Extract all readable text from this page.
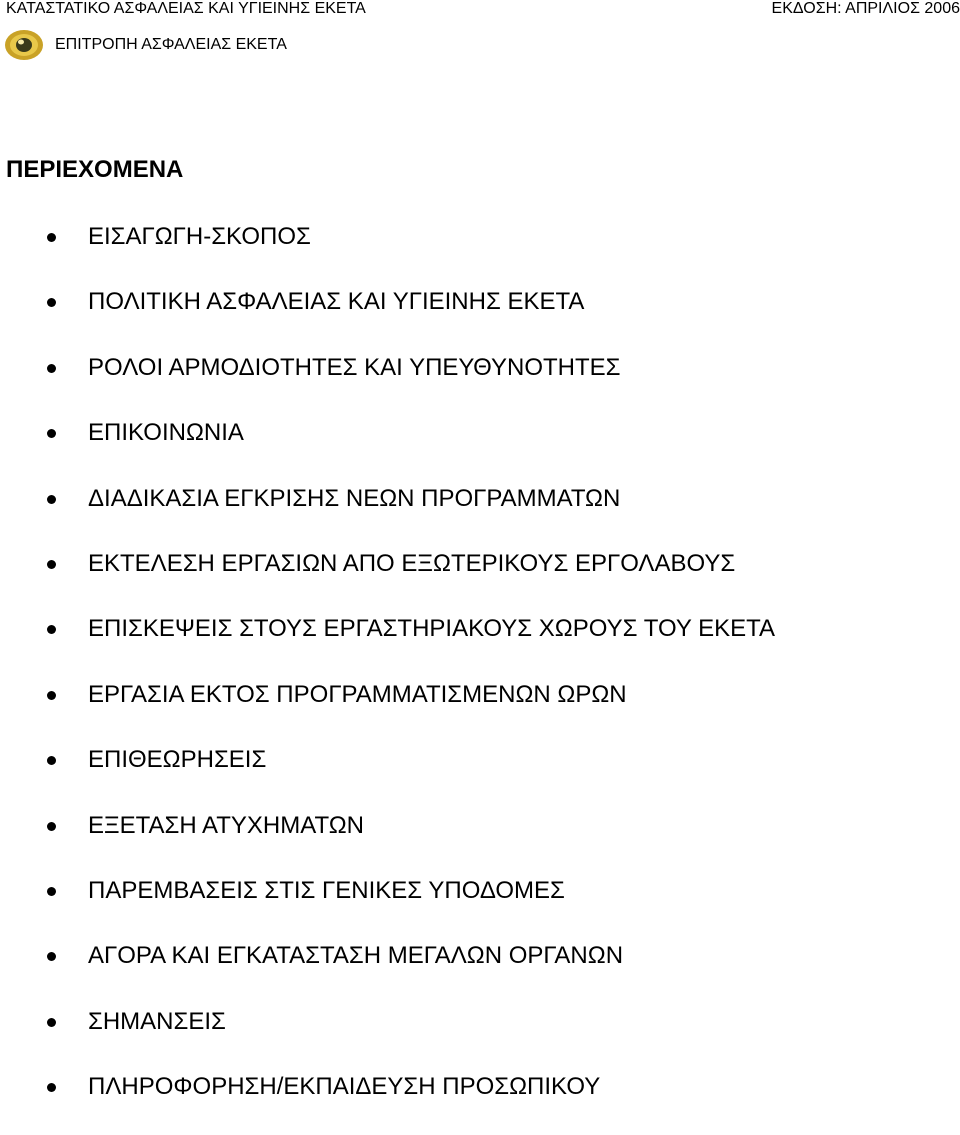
ΚΑΤΑΣΤΑΤΙΚΟ ΑΣΦΑΛΕΙΑΣ ΚΑΙ ΥΓΙΕΙΝΗΣ ΕΚΕΤΑ	ΕΚΔΟΣΗ: ΑΠΡΙΛΙΟΣ 2006
ΕΠΙΤΡΟΠΗ ΑΣΦΑΛΕΙΑΣ ΕΚΕΤΑ
ΠΕΡΙΕΧΟΜΕΝΑ
ΕΙΣΑΓΩΓΗ-ΣΚΟΠΟΣ
ΠΟΛΙΤΙΚΗ ΑΣΦΑΛΕΙΑΣ ΚΑΙ ΥΓΙΕΙΝΗΣ ΕΚΕΤΑ
ΡΟΛΟΙ ΑΡΜΟΔΙΟΤΗΤΕΣ ΚΑΙ ΥΠΕΥΘΥΝΟΤΗΤΕΣ
ΕΠΙΚΟΙΝΩΝΙΑ
ΔΙΑΔΙΚΑΣΙΑ ΕΓΚΡΙΣΗΣ ΝΕΩΝ ΠΡΟΓΡΑΜΜΑΤΩΝ
ΕΚΤΕΛΕΣΗ ΕΡΓΑΣΙΩΝ ΑΠΟ ΕΞΩΤΕΡΙΚΟΥΣ ΕΡΓΟΛΑΒΟΥΣ
ΕΠΙΣΚΕΨΕΙΣ ΣΤΟΥΣ ΕΡΓΑΣΤΗΡΙΑΚΟΥΣ ΧΩΡΟΥΣ ΤΟΥ ΕΚΕΤΑ
ΕΡΓΑΣΙΑ ΕΚΤΟΣ ΠΡΟΓΡΑΜΜΑΤΙΣΜΕΝΩΝ ΩΡΩΝ
ΕΠΙΘΕΩΡΗΣΕΙΣ
ΕΞΕΤΑΣΗ ΑΤΥΧΗΜΑΤΩΝ
ΠΑΡΕΜΒΑΣΕΙΣ ΣΤΙΣ ΓΕΝΙΚΕΣ ΥΠΟΔΟΜΕΣ
ΑΓΟΡΑ ΚΑΙ ΕΓΚΑΤΑΣΤΑΣΗ ΜΕΓΑΛΩΝ ΟΡΓΑΝΩΝ
ΣΗΜΑΝΣΕΙΣ
ΠΛΗΡΟΦΟΡΗΣΗ/ΕΚΠΑΙΔΕΥΣΗ ΠΡΟΣΩΠΙΚΟΥ
